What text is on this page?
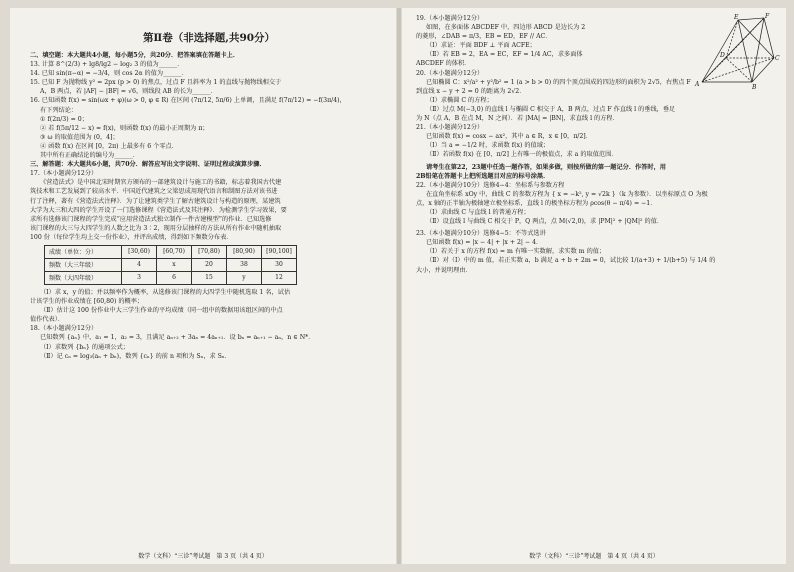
第Ⅱ卷（非选择题,共90分）
二、填空题：本大题共4小题，每小题5分，共20分．把答案填在答题卡上．
13. 计算 8^(2/3) + lg8/lg2 − log₂ 3 的值为______．
14. 已知 sin(π−α) = −3/4，则 cos 2α 的值为______．
15. 已知 F 为抛物线 y² = 2px (p > 0) 的焦点，过点 F 且斜率为 1 的直线与抛物线相交于
A，B 两点，若 |AF| − |BF| = √6，则线段 AB 的长为______．
16. 已知函数 f(x) = sin(ωx + φ)(ω > 0, φ ∈ R) 在区间 (7π/12, 5π/6) 上单调，且满足 f(7π/12) = −f(3π/4)，
有下列结论：
① f(2π/3) = 0；
② 若 f(5π/12 − x) = f(x)，则函数 f(x) 的最小正周期为 π；
③ ω 的取值范围为 (0，4]；
④ 函数 f(x) 在区间 [0，2π) 上最多有 6 个零点．
其中所有正确结论的编号为______．
三、解答题：本大题共6小题，共70分．解答应写出文字说明、证明过程或演算步骤．
17.（本小题满分12分）
《营造法式》是中国北宋时期官方颁布的一部建筑设计与施工的书籍，标志着我国古代建
筑技术和工艺发展到了较高水平．中国近代建筑之父梁思成用现代语言和制图方法对该书进
行了注释，著有《营造法式注释》．为了让建筑类学生了解古建筑设计与构造的原理，某建筑
大学为大三和大四的学生开设了一门选修课程《营造法式及其注释》．为检测学生学习效果，要
求所有选修该门课程的学生完成“应用营造法式独立制作一件古建模型”的作业．已知选修
该门课程的大三与大四学生的人数之比为 3∶2，现用分层抽样的方法从所有作业中随机抽取
100 份（每位学生均上交一份作业），并评出成绩，得到如下频数分布表．
成绩（单位：分）	[30,60)	[60,70)	[70,80)	[80,90)	[90,100]
频数（大三年级）	4	x	20	38	30
频数（大四年级）	3	6	15	y	12
（Ⅰ）求 x，y 的值；并以频率作为概率，从选修该门课程的大四学生中随机选取 1 名，试估
计该学生的作业成绩在 [60,80) 的概率；
（Ⅱ）估计这 100 份作业中大三学生作业的平均成绩（同一组中的数据用该组区间的中点
值作代表）．
18.（本小题满分12分）
已知数列 {aₙ} 中，a₁ = 1，a₂ = 3，且满足 aₙ₊₂ + 3aₙ = 4aₙ₊₁．设 bₙ = aₙ₊₁ − aₙ，n ∈ N*．
（Ⅰ）求数列 {bₙ} 的通项公式；
（Ⅱ）记 cₙ = log₃(aₙ + bₙ)，数列 {cₙ} 的前 n 项和为 Sₙ，求 Sₙ．
数学（文科）“三诊”考试题　第 3 页（共 4 页）
E	F
A	B
C
D
19.（本小题满分12分）
如图，在多面体 ABCDEF 中，四边形 ABCD 是边长为 2
的菱形，∠DAB = π/3，EB = ED，EF // AC．
（Ⅰ）求证：平面 BDF ⊥ 平面 ACFE；
（Ⅱ）若 EB = 2，EA = EC，EF = 1/4 AC，求多面体
ABCDEF 的体积．
20.（本小题满分12分）
已知椭圆 C：x²/a² + y²/b² = 1 (a > b > 0) 的四个顶点围成的四边形的面积为 2√5，右焦点 F
到直线 x − y + 2 = 0 的距离为 2√2．
（Ⅰ）求椭圆 C 的方程；
（Ⅱ）过点 M(−3,0) 的直线 l 与椭圆 C 相交于 A，B 两点，过点 F 作直线 l 的垂线，垂足
为 N（点 A，B 在点 M，N 之间）．若 |MA| = |BN|，求直线 l 的方程．
21.（本小题满分12分）
已知函数 f(x) = cosx − ax²，其中 a ∈ R，x ∈ [0，π/2]．
（Ⅰ）当 a = −1/2 时，求函数 f(x) 的值域；
（Ⅱ）若函数 f(x) 在 [0，π/2] 上有唯一的极值点，求 a 的取值范围．
请考生在第22，23题中任选一题作答，如果多做，则按所做的第一题记分．作答时，用
2B铅笔在答题卡上把所选题目对应的标号涂黑．
22.（本小题满分10分）选修4−4：坐标系与参数方程
在直角坐标系 xOy 中，曲线 C 的参数方程为 { x = −k², y = √2k }（k 为参数）．以坐标原点 O 为极
点，x 轴的正半轴为极轴建立极坐标系，直线 l 的极坐标方程为 ρcos(θ − π/4) = −1．
（Ⅰ）求曲线 C 与直线 l 的普通方程；
（Ⅱ）设直线 l 与曲线 C 相交于 P，Q 两点，点 M(√2,0)，求 |PM|² + |QM|² 的值．
23.（本小题满分10分）选修4−5：不等式选讲
已知函数 f(x) = |x − 4| + |x + 2| − 4．
（Ⅰ）若关于 x 的方程 f(x) = m 有唯一实数解，求实数 m 的值；
（Ⅱ）对（Ⅰ）中的 m 值，若正实数 a，b 满足 a + b + 2m = 0，试比较 1/(a+3) + 1/(b+5) 与 1/4 的
大小，并说明理由．
数学（文科）“三诊”考试题　第 4 页（共 4 页）
